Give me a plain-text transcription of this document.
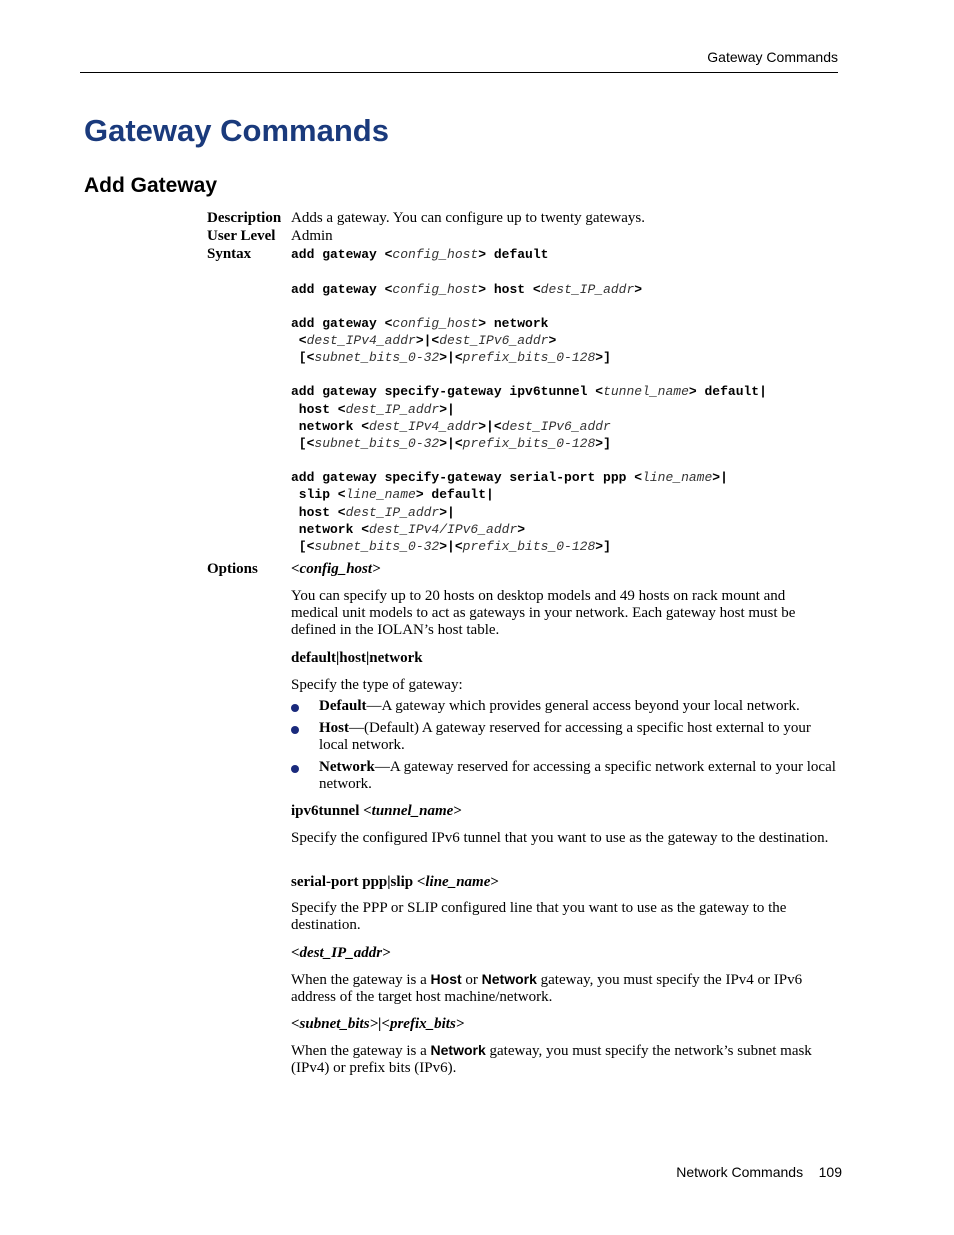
Gateway Commands
Gateway Commands
Add Gateway
Description Adds a gateway. You can configure up to twenty gateways.
User Level Admin
Syntax	add gateway <config_host> default
add gateway <config_host> host <dest_IP_addr>
add gateway <config_host> network
<dest_IPv4_addr>|<dest_IPv6_addr>
[<subnet_bits_0-32>|<prefix_bits_0-128>]
add gateway specify-gateway ipv6tunnel <tunnel_name> default|
host <dest_IP_addr>|
network <dest_IPv4_addr>|<dest_IPv6_addr
[<subnet_bits_0-32>|<prefix_bits_0-128>]
add gateway specify-gateway serial-port ppp <line_name>|
slip <line_name> default|
host <dest_IP_addr>|
network <dest_IPv4/IPv6_addr>
[<subnet_bits_0-32>|<prefix_bits_0-128>]
Options <config_host>
You can specify up to 20 hosts on desktop models and 49 hosts on rack mount and medical unit models to act as gateways in your network. Each gateway host must be defined in the IOLAN’s host table.
default|host|network
Specify the type of gateway:
Default—A gateway which provides general access beyond your local network.
Host—(Default) A gateway reserved for accessing a specific host external to your local network.
Network—A gateway reserved for accessing a specific network external to your local network.
ipv6tunnel <tunnel_name>
Specify the configured IPv6 tunnel that you want to use as the gateway to the destination.
serial-port ppp|slip <line_name>
Specify the PPP or SLIP configured line that you want to use as the gateway to the destination.
<dest_IP_addr>
When the gateway is a Host or Network gateway, you must specify the IPv4 or IPv6 address of the target host machine/network.
<subnet_bits>|<prefix_bits>
When the gateway is a Network gateway, you must specify the network’s subnet mask (IPv4) or prefix bits (IPv6).
Network Commands 109
